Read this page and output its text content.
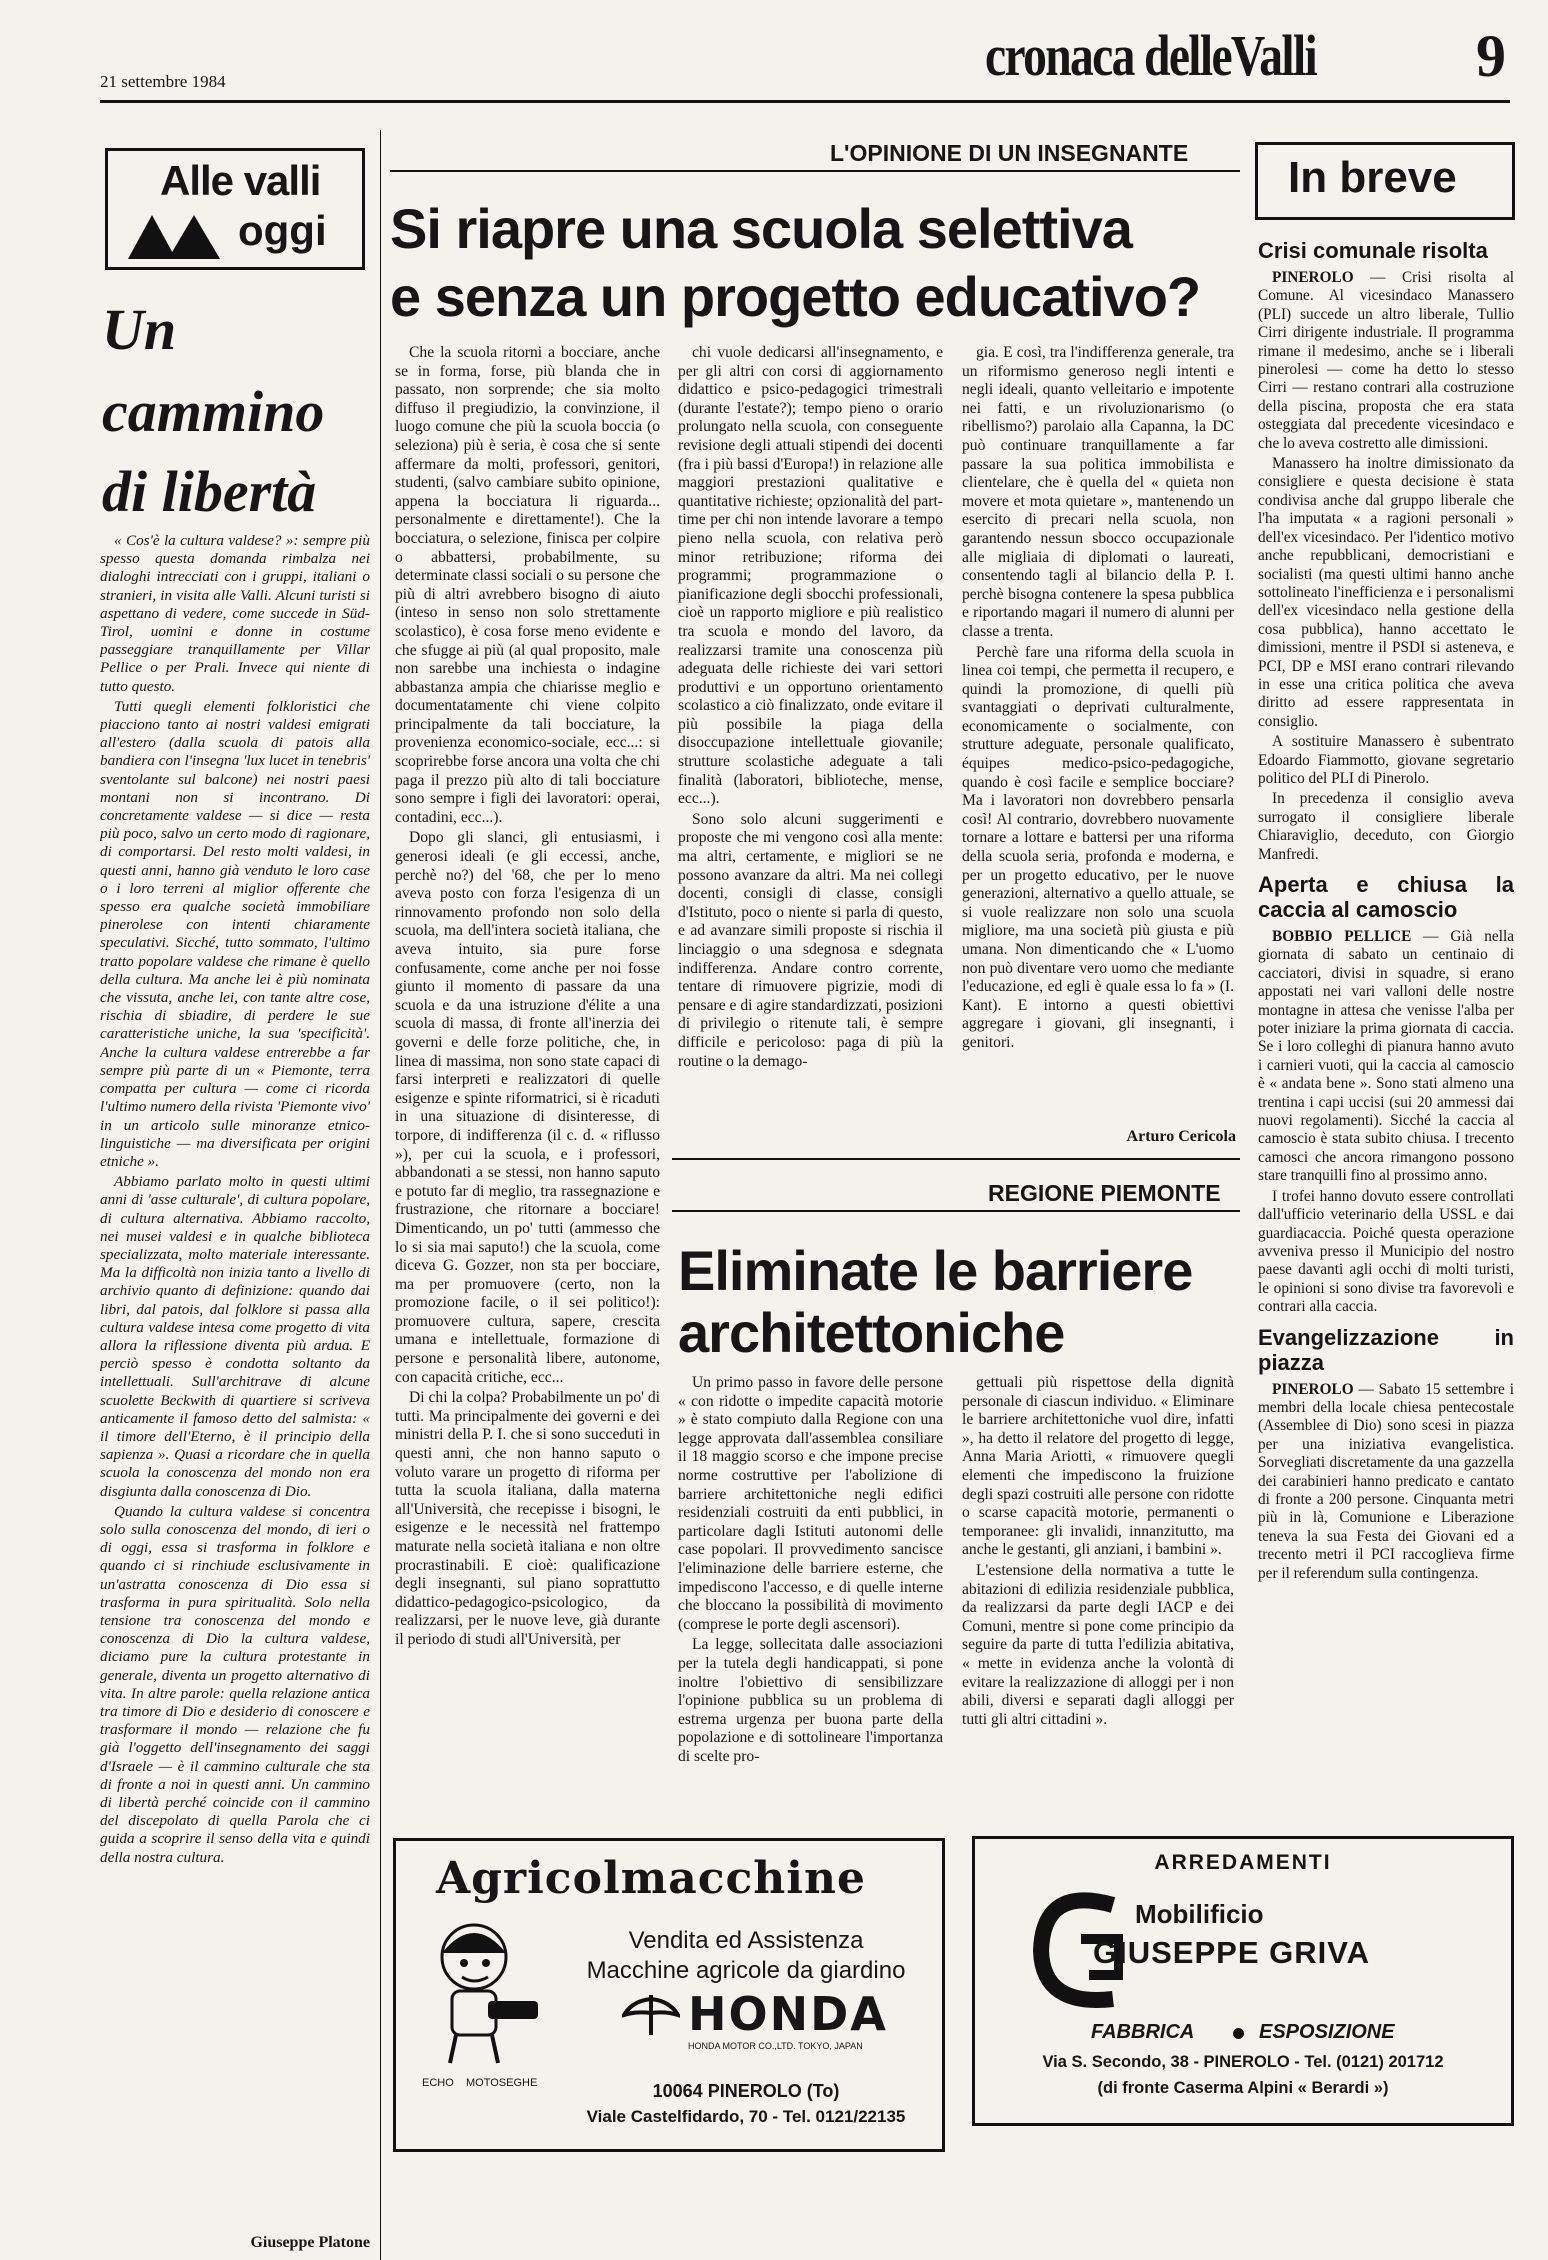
21 settembre 1984	cronaca delleValli	9
Alle valli
oggi
Un
cammino
di libertà

« Cos'è la cultura valdese? »: sempre più spesso questa domanda rimbalza nei dialoghi intrecciati con i gruppi, italiani o stranieri, in visita alle Valli. Alcuni turisti si aspettano di vedere, come succede in Süd-Tirol, uomini e donne in costume passeggiare tranquillamente per Villar Pellice o per Prali. Invece qui niente di tutto questo.

Tutti quegli elementi folkloristici che piacciono tanto ai nostri valdesi emigrati all'estero (dalla scuola di patois alla bandiera con l'insegna 'lux lucet in tenebris' sventolante sul balcone) nei nostri paesi montani non si incontrano. Di concretamente valdese — si dice — resta più poco, salvo un certo modo di ragionare, di comportarsi. Del resto molti valdesi, in questi anni, hanno già venduto le loro case o i loro terreni al miglior offerente che spesso era qualche società immobiliare pinerolese con intenti chiaramente speculativi. Sicché, tutto sommato, l'ultimo tratto popolare valdese che rimane è quello della cultura. Ma anche lei è più nominata che vissuta, anche lei, con tante altre cose, rischia di sbiadire, di perdere le sue caratteristiche uniche, la sua 'specificità'. Anche la cultura valdese entrerebbe a far sempre più parte di un « Piemonte, terra compatta per cultura — come ci ricorda l'ultimo numero della rivista 'Piemonte vivo' in un articolo sulle minoranze etnico-linguistiche — ma diversificata per origini etniche ».

Abbiamo parlato molto in questi ultimi anni di 'asse culturale', di cultura popolare, di cultura alternativa. Abbiamo raccolto, nei musei valdesi e in qualche biblioteca specializzata, molto materiale interessante. Ma la difficoltà non inizia tanto a livello di archivio quanto di definizione: quando dai libri, dal patois, dal folklore si passa alla cultura valdese intesa come progetto di vita allora la riflessione diventa più ardua. E perciò spesso è condotta soltanto da intellettuali. Sull'architrave di alcune scuolette Beckwith di quartiere si scriveva anticamente il famoso detto del salmista: « il timore dell'Eterno, è il principio della sapienza ». Quasi a ricordare che in quella scuola la conoscenza del mondo non era disgiunta dalla conoscenza di Dio.

Quando la cultura valdese si concentra solo sulla conoscenza del mondo, di ieri o di oggi, essa si trasforma in folklore e quando ci si rinchiude esclusivamente in un'astratta conoscenza di Dio essa si trasforma in pura spiritualità. Solo nella tensione tra conoscenza del mondo e conoscenza di Dio la cultura valdese, diciamo pure la cultura protestante in generale, diventa un progetto alternativo di vita. In altre parole: quella relazione antica tra timore di Dio e desiderio di conoscere e trasformare il mondo — relazione che fu già l'oggetto dell'insegnamento dei saggi d'Israele — è il cammino culturale che sta di fronte a noi in questi anni. Un cammino di libertà perché coincide con il cammino del discepolato di quella Parola che ci guida a scoprire il senso della vita e quindi della nostra cultura.

Giuseppe Platone
L'OPINIONE DI UN INSEGNANTE
Si riapre una scuola selettiva
e senza un progetto educativo?

Che la scuola ritorni a bocciare, anche se in forma, forse, più blanda che in passato, non sorprende; che sia molto diffuso il pregiudizio, la convinzione, il luogo comune che più la scuola boccia (o seleziona) più è seria, è cosa che si sente affermare da molti, professori, genitori, studenti, (salvo cambiare subito opinione, appena la bocciatura li riguarda... personalmente e direttamente!). Che la bocciatura, o selezione, finisca per colpire o abbattersi, probabilmente, su determinate classi sociali o su persone che più di altri avrebbero bisogno di aiuto (inteso in senso non solo strettamente scolastico), è cosa forse meno evidente e che sfugge ai più (al qual proposito, male non sarebbe una inchiesta o indagine abbastanza ampia che chiarisse meglio e documentatamente chi viene colpito principalmente da tali bocciature, la provenienza economico-sociale, ecc...: si scoprirebbe forse ancora una volta che chi paga il prezzo più alto di tali bocciature sono sempre i figli dei lavoratori: operai, contadini, ecc...).

Dopo gli slanci, gli entusiasmi, i generosi ideali (e gli eccessi, anche, perchè no?) del '68, che per lo meno aveva posto con forza l'esigenza di un rinnovamento profondo non solo della scuola, ma dell'intera società italiana, che aveva intuito, sia pure forse confusamente, come anche per noi fosse giunto il momento di passare da una scuola e da una istruzione d'élite a una scuola di massa, di fronte all'inerzia dei governi e delle forze politiche, che, in linea di massima, non sono state capaci di farsi interpreti e realizzatori di quelle esigenze e spinte riformatrici, si è ricaduti in una situazione di disinteresse, di torpore, di indifferenza (il c. d. « riflusso »), per cui la scuola, e i professori, abbandonati a se stessi, non hanno saputo e potuto far di meglio, tra rassegnazione e frustrazione, che ritornare a bocciare! Dimenticando, un po' tutti (ammesso che lo si sia mai saputo!) che la scuola, come diceva G. Gozzer, non sta per bocciare, ma per promuovere (certo, non la promozione facile, o il sei politico!): promuovere cultura, sapere, crescita umana e intellettuale, formazione di persone e personalità libere, autonome, con capacità critiche, ecc...

Di chi la colpa? Probabilmente un po' di tutti. Ma principalmente dei governi e dei ministri della P. I. che si sono succeduti in questi anni, che non hanno saputo o voluto varare un progetto di riforma per tutta la scuola italiana, dalla materna all'Università, che recepisse i bisogni, le esigenze e le necessità nel frattempo maturate nella società italiana e non oltre procrastinabili. E cioè: qualificazione degli insegnanti, sul piano soprattutto didattico-pedagogico-psicologico, da realizzarsi, per le nuove leve, già durante il periodo di studi all'Università, per

chi vuole dedicarsi all'insegnamento, e per gli altri con corsi di aggiornamento didattico e psico-pedagogici trimestrali (durante l'estate?); tempo pieno o orario prolungato nella scuola, con conseguente revisione degli attuali stipendi dei docenti (fra i più bassi d'Europa!) in relazione alle maggiori prestazioni qualitative e quantitative richieste; opzionalità del part-time per chi non intende lavorare a tempo pieno nella scuola, con relativa però minor retribuzione; riforma dei programmi; programmazione o pianificazione degli sbocchi professionali, cioè un rapporto migliore e più realistico tra scuola e mondo del lavoro, da realizzarsi tramite una conoscenza più adeguata delle richieste dei vari settori produttivi e un opportuno orientamento scolastico a ciò finalizzato, onde evitare il più possibile la piaga della disoccupazione intellettuale giovanile; strutture scolastiche adeguate a tali finalità (laboratori, biblioteche, mense, ecc...).

Sono solo alcuni suggerimenti e proposte che mi vengono così alla mente: ma altri, certamente, e migliori se ne possono avanzare da altri. Ma nei collegi docenti, consigli di classe, consigli d'Istituto, poco o niente si parla di questo, e ad avanzare simili proposte si rischia il linciaggio o una sdegnosa e sdegnata indifferenza. Andare contro corrente, tentare di rimuovere pigrizie, modi di pensare e di agire standardizzati, posizioni di privilegio o ritenute tali, è sempre difficile e pericoloso: paga di più la routine o la demago-

gia. E così, tra l'indifferenza generale, tra un riformismo generoso negli intenti e negli ideali, quanto velleitario e impotente nei fatti, e un rivoluzionarismo (o ribellismo?) parolaio alla Capanna, la DC può continuare tranquillamente a far passare la sua politica immobilista e clientelare, che è quella del « quieta non movere et mota quietare », mantenendo un esercito di precari nella scuola, non garantendo nessun sbocco occupazionale alle migliaia di diplomati o laureati, consentendo tagli al bilancio della P. I. perchè bisogna contenere la spesa pubblica e riportando magari il numero di alunni per classe a trenta.

Perchè fare una riforma della scuola in linea coi tempi, che permetta il recupero, e quindi la promozione, di quelli più svantaggiati o deprivati culturalmente, economicamente o socialmente, con strutture adeguate, personale qualificato, équipes medico-psico-pedagogiche, quando è così facile e semplice bocciare? Ma i lavoratori non dovrebbero pensarla così! Al contrario, dovrebbero nuovamente tornare a lottare e battersi per una riforma della scuola seria, profonda e moderna, e per un progetto educativo, per le nuove generazioni, alternativo a quello attuale, se si vuole realizzare non solo una scuola migliore, ma una società più giusta e più umana. Non dimenticando che « L'uomo non può diventare vero uomo che mediante l'educazione, ed egli è quale essa lo fa » (I. Kant). E intorno a questi obiettivi aggregare i giovani, gli insegnanti, i genitori.

Arturo Cericola
REGIONE PIEMONTE
Eliminate le barriere
architettoniche

Un primo passo in favore delle persone « con ridotte o impedite capacità motorie » è stato compiuto dalla Regione con una legge approvata dall'assemblea consiliare il 18 maggio scorso e che impone precise norme costruttive per l'abolizione di barriere architettoniche negli edifici residenziali costruiti da enti pubblici, in particolare dagli Istituti autonomi delle case popolari. Il provvedimento sancisce l'eliminazione delle barriere esterne, che impediscono l'accesso, e di quelle interne che bloccano la possibilità di movimento (comprese le porte degli ascensori).

La legge, sollecitata dalle associazioni per la tutela degli handicappati, si pone inoltre l'obiettivo di sensibilizzare l'opinione pubblica su un problema di estrema urgenza per buona parte della popolazione e di sottolineare l'importanza di scelte pro-

gettuali più rispettose della dignità personale di ciascun individuo. « Eliminare le barriere architettoniche vuol dire, infatti », ha detto il relatore del progetto di legge, Anna Maria Ariotti, « rimuovere quegli elementi che impediscono la fruizione degli spazi costruiti alle persone con ridotte o scarse capacità motorie, permanenti o temporanee: gli invalidi, innanzitutto, ma anche le gestanti, gli anziani, i bambini ».

L'estensione della normativa a tutte le abitazioni di edilizia residenziale pubblica, da realizzarsi da parte degli IACP e dei Comuni, mentre si pone come principio da seguire da parte di tutta l'edilizia abitativa, « mette in evidenza anche la volontà di evitare la realizzazione di alloggi per i non abili, diversi e separati dagli alloggi per tutti gli altri cittadini ».

In breve
Crisi comunale risolta

PINEROLO — Crisi risolta al Comune. Al vicesindaco Manassero (PLI) succede un altro liberale, Tullio Cirri dirigente industriale. Il programma rimane il medesimo, anche se i liberali pinerolesi — come ha detto lo stesso Cirri — restano contrari alla costruzione della piscina, proposta che era stata osteggiata dal precedente vicesindaco e che lo aveva costretto alle dimissioni.

Manassero ha inoltre dimissionato da consigliere e questa decisione è stata condivisa anche dal gruppo liberale che l'ha imputata « a ragioni personali » dell'ex vicesindaco. Per l'identico motivo anche repubblicani, democristiani e socialisti (ma questi ultimi hanno anche sottolineato l'inefficienza e i personalismi dell'ex vicesindaco nella gestione della cosa pubblica), hanno accettato le dimissioni, mentre il PSDI si asteneva, e PCI, DP e MSI erano contrari rilevando in esse una critica politica che aveva diritto ad essere rappresentata in consiglio.

A sostituire Manassero è subentrato Edoardo Fiammotto, giovane segretario politico del PLI di Pinerolo.

In precedenza il consiglio aveva surrogato il consigliere liberale Chiaraviglio, deceduto, con Giorgio Manfredi.

Aperta e chiusa la caccia al camoscio

BOBBIO PELLICE — Già nella giornata di sabato un centinaio di cacciatori, divisi in squadre, si erano appostati nei vari valloni delle nostre montagne in attesa che venisse l'alba per poter iniziare la prima giornata di caccia. Se i loro colleghi di pianura hanno avuto i carnieri vuoti, qui la caccia al camoscio è « andata bene ». Sono stati almeno una trentina i capi uccisi (sui 20 ammessi dai nuovi regolamenti). Sicché la caccia al camoscio è stata subito chiusa. I trecento camosci che ancora rimangono possono stare tranquilli fino al prossimo anno.

I trofei hanno dovuto essere controllati dall'ufficio veterinario della USSL e dai guardiacaccia. Poiché questa operazione avveniva presso il Municipio del nostro paese davanti agli occhi di molti turisti, le opinioni si sono divise tra favorevoli e contrari alla caccia.

Evangelizzazione in piazza

PINEROLO — Sabato 15 settembre i membri della locale chiesa pentecostale (Assemblee di Dio) sono scesi in piazza per una iniziativa evangelistica. Sorvegliati discretamente da una gazzella dei carabinieri hanno predicato e cantato di fronte a 200 persone. Cinquanta metri più in là, Comunione e Liberazione teneva la sua Festa dei Giovani ed a trecento metri il PCI raccoglieva firme per il referendum sulla contingenza.

Agricolmacchine
ECHO MOTOSEGHE
Vendita ed Assistenza
Macchine agricole da giardino
HONDA
HONDA MOTOR CO.,LTD. TOKYO, JAPAN
10064 PINEROLO (To)
Viale Castelfidardo, 70 - Tel. 0121/22135
ARREDAMENTI
Mobilificio
GIUSEPPE GRIVA
FABBRICA	ESPOSIZIONE
Via S. Secondo, 38 - PINEROLO - Tel. (0121) 201712
(di fronte Caserma Alpini « Berardi »)
